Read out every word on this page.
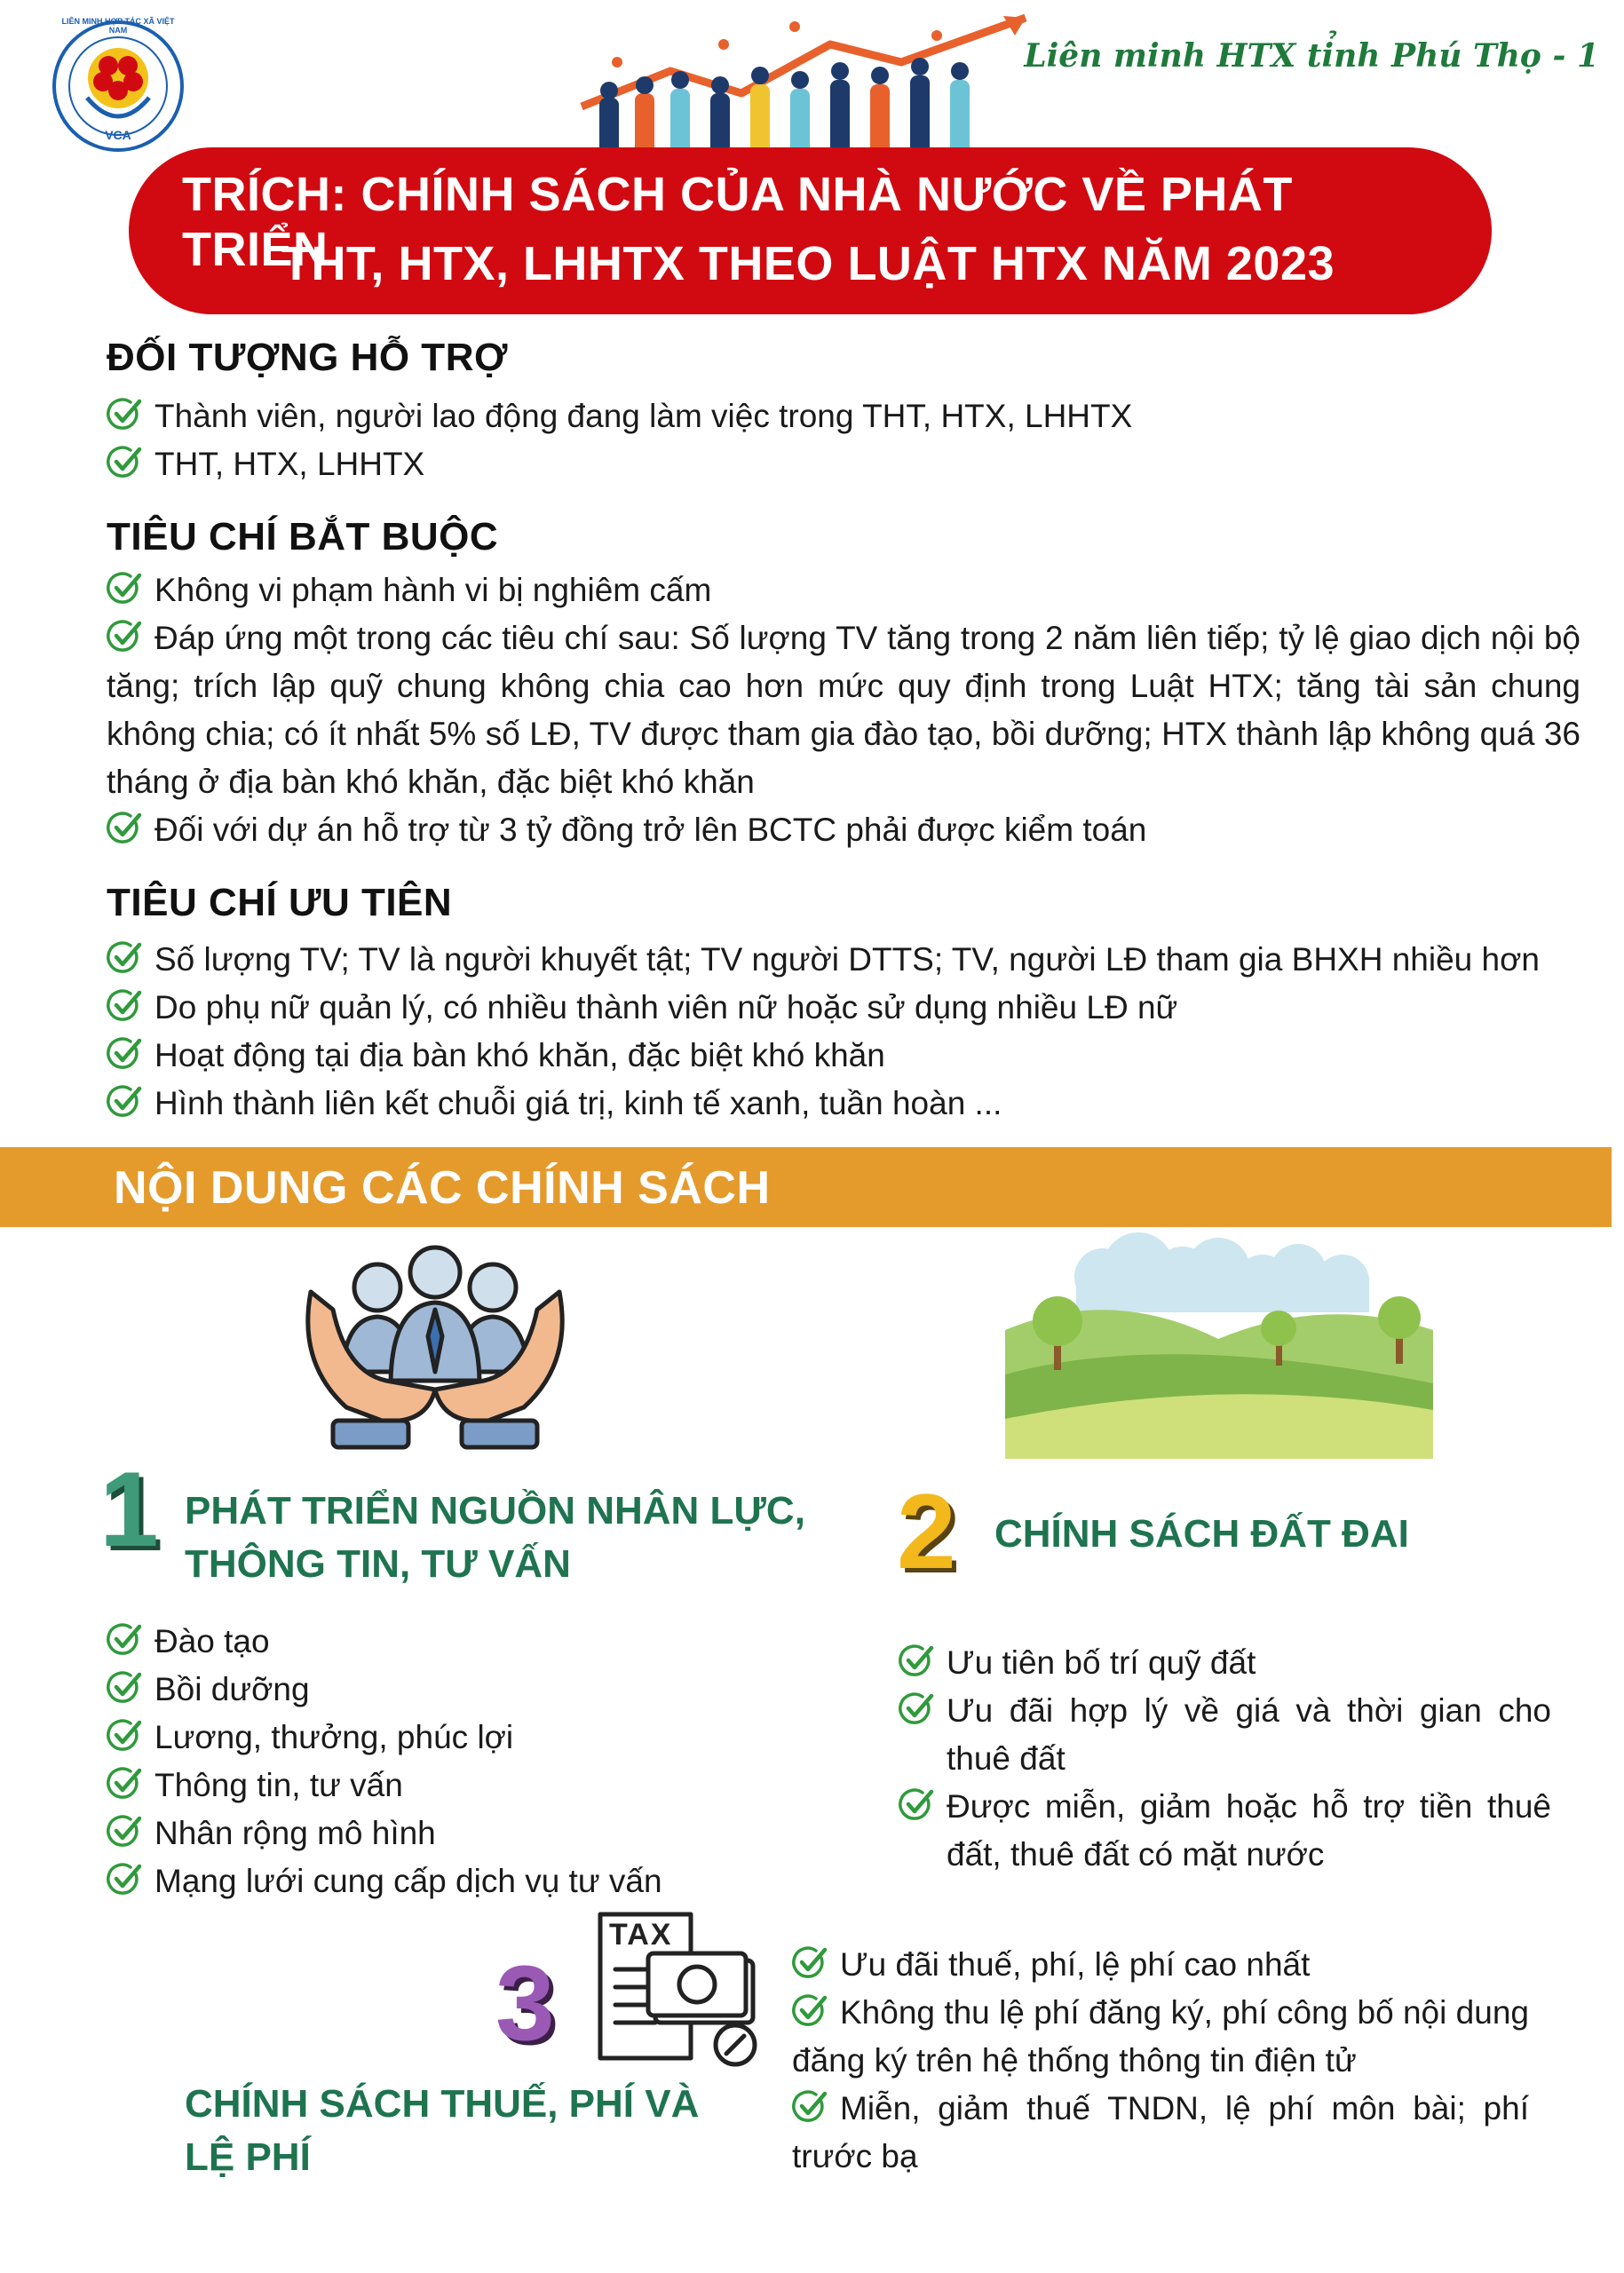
LIÊN MINH HỢP TÁC XÃ VIỆT NAM
VCA
Liên minh HTX tỉnh Phú Thọ - 1
TRÍCH: CHÍNH SÁCH CỦA NHÀ NƯỚC VỀ PHÁT TRIỂN
THT, HTX, LHHTX THEO LUẬT HTX NĂM 2023
ĐỐI TƯỢNG HỖ TRỢ
Thành viên, người lao động đang làm việc trong THT, HTX, LHHTX
THT, HTX, LHHTX
TIÊU CHÍ BẮT BUỘC
Không vi phạm hành vi bị nghiêm cấm
Đáp ứng một trong các tiêu chí sau: Số lượng TV tăng trong 2 năm liên tiếp; tỷ lệ giao dịch nội bộ tăng; trích lập quỹ chung không chia cao hơn mức quy định trong Luật HTX; tăng tài sản chung không chia; có ít nhất 5% số LĐ, TV được tham gia đào tạo, bồi dưỡng; HTX thành lập không quá 36 tháng ở địa bàn khó khăn, đặc biệt khó khăn
Đối với dự án hỗ trợ từ 3 tỷ đồng trở lên BCTC phải được kiểm toán
TIÊU CHÍ ƯU TIÊN
Số lượng TV; TV là người khuyết tật; TV người DTTS; TV, người LĐ tham gia BHXH nhiều hơn
Do phụ nữ quản lý, có nhiều thành viên nữ hoặc sử dụng nhiều LĐ nữ
Hoạt động tại địa bàn khó khăn, đặc biệt khó khăn
Hình thành liên kết chuỗi giá trị, kinh tế xanh, tuần hoàn ...
NỘI DUNG CÁC CHÍNH SÁCH
1 PHÁT TRIỂN NGUỒN NHÂN LỰC,
THÔNG TIN, TƯ VẤN
Đào tạo
Bồi dưỡng
Lương, thưởng, phúc lợi
Thông tin, tư vấn
Nhân rộng mô hình
Mạng lưới cung cấp dịch vụ tư vấn
2 CHÍNH SÁCH ĐẤT ĐAI
Ưu tiên bố trí quỹ đất
Ưu đãi hợp lý về giá và thời gian cho thuê đất
Được miễn, giảm hoặc hỗ trợ tiền thuê đất, thuê đất có mặt nước
3
TAX
CHÍNH SÁCH THUẾ, PHÍ VÀ
LỆ PHÍ
Ưu đãi thuế, phí, lệ phí cao nhất
Không thu lệ phí đăng ký, phí công bố nội dung đăng ký trên hệ thống thông tin điện tử
Miễn, giảm thuế TNDN, lệ phí môn bài; phí trước bạ
